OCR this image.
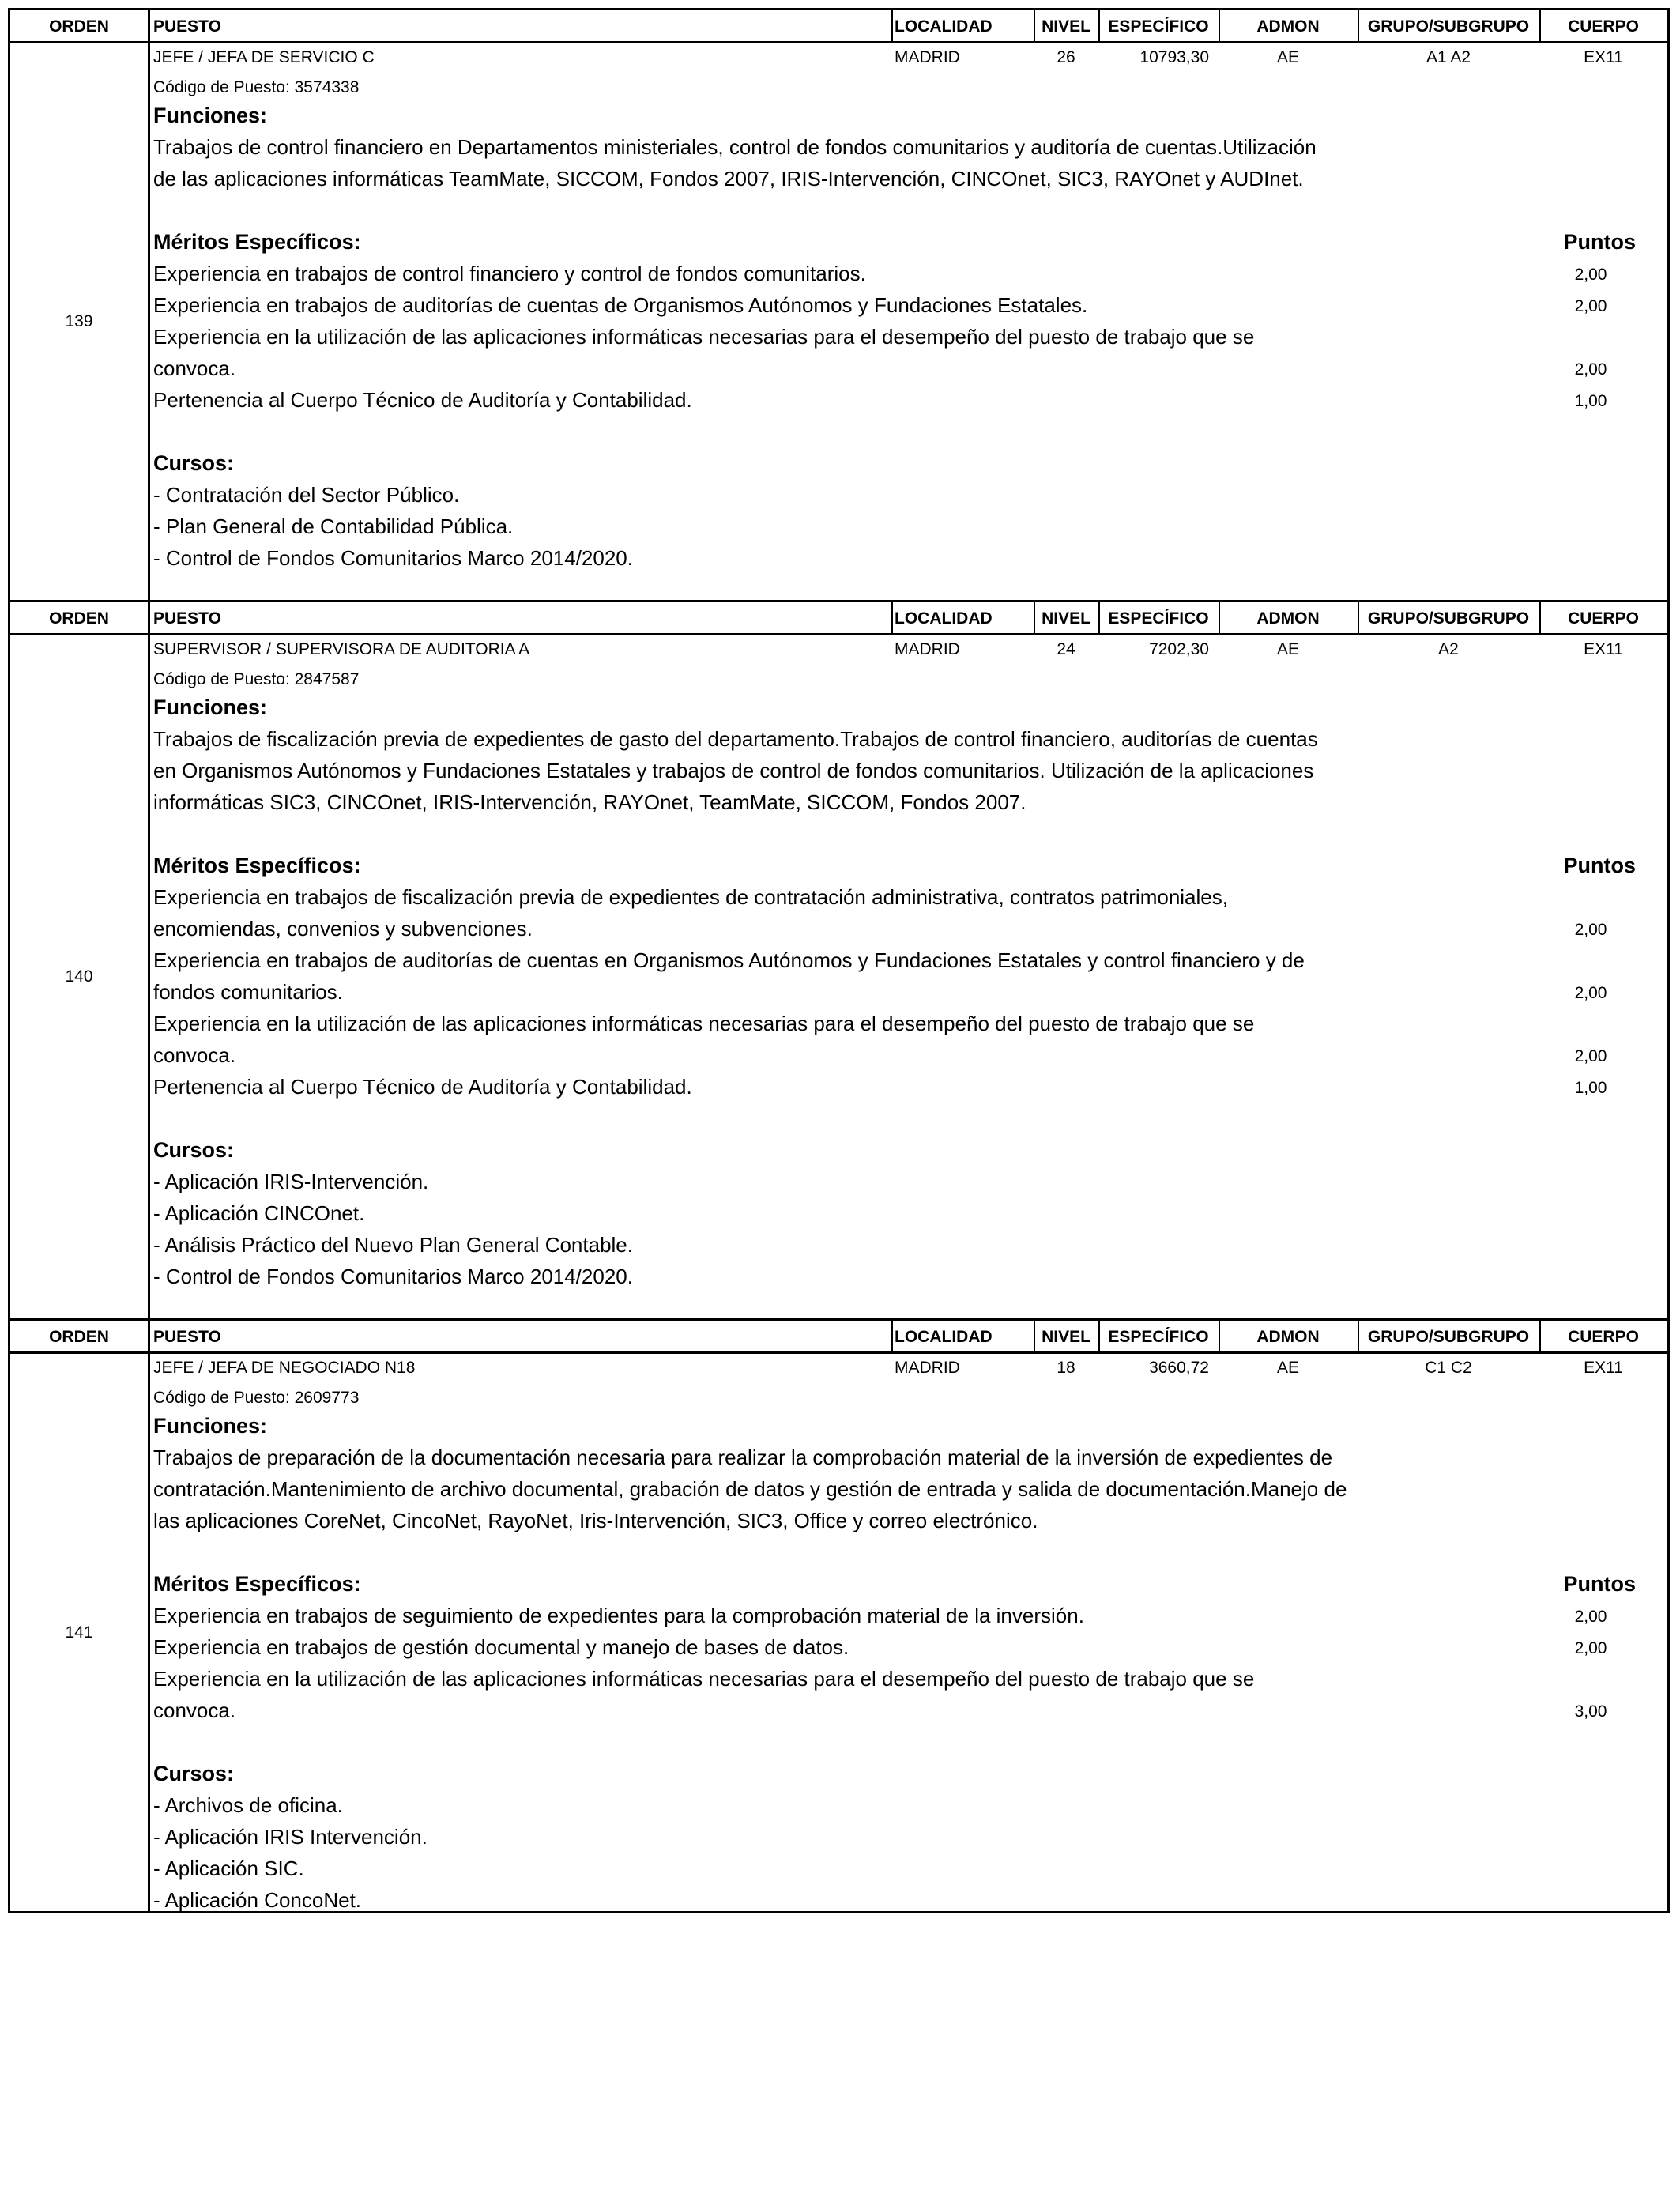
ORDEN	PUESTO	LOCALIDAD	NIVEL	ESPECÍFICO	ADMON	GRUPO/SUBGRUPO	CUERPO
139
JEFE / JEFA DE SERVICIO C	MADRID	26	10793,30	AE	A1 A2	EX11
Código de Puesto: 3574338
Funciones:
Trabajos de control financiero en Departamentos ministeriales, control de fondos comunitarios y auditoría de cuentas.Utilización
de las aplicaciones informáticas TeamMate, SICCOM, Fondos 2007, IRIS-Intervención, CINCOnet, SIC3, RAYOnet y AUDInet.
Méritos Específicos:	Puntos
Experiencia en trabajos de control financiero y control de fondos comunitarios.	2,00
Experiencia en trabajos de auditorías de cuentas de Organismos Autónomos y Fundaciones Estatales.	2,00
Experiencia en la utilización de las aplicaciones informáticas necesarias para el desempeño del puesto de trabajo que se
convoca.	2,00
Pertenencia al Cuerpo Técnico de Auditoría y Contabilidad.	1,00
Cursos:
- Contratación del Sector Público.
- Plan General de Contabilidad Pública.
- Control de Fondos Comunitarios Marco 2014/2020.
ORDEN	PUESTO	LOCALIDAD	NIVEL	ESPECÍFICO	ADMON	GRUPO/SUBGRUPO	CUERPO
140
SUPERVISOR / SUPERVISORA DE AUDITORIA A	MADRID	24	7202,30	AE	A2	EX11
Código de Puesto: 2847587
Funciones:
Trabajos de fiscalización previa de expedientes de gasto del departamento.Trabajos de control financiero, auditorías de cuentas
en Organismos Autónomos y Fundaciones Estatales y trabajos de control de fondos comunitarios. Utilización de la aplicaciones
informáticas SIC3, CINCOnet, IRIS-Intervención, RAYOnet, TeamMate, SICCOM, Fondos 2007.
Méritos Específicos:	Puntos
Experiencia en trabajos de fiscalización previa de expedientes de contratación administrativa, contratos patrimoniales,
encomiendas, convenios y subvenciones.	2,00
Experiencia en trabajos de auditorías de cuentas en Organismos Autónomos y Fundaciones Estatales y control financiero y de
fondos comunitarios.	2,00
Experiencia en la utilización de las aplicaciones informáticas necesarias para el desempeño del puesto de trabajo que se
convoca.	2,00
Pertenencia al Cuerpo Técnico de Auditoría y Contabilidad.	1,00
Cursos:
- Aplicación IRIS-Intervención.
- Aplicación CINCOnet.
- Análisis Práctico del Nuevo Plan General Contable.
- Control de Fondos Comunitarios Marco 2014/2020.
ORDEN	PUESTO	LOCALIDAD	NIVEL	ESPECÍFICO	ADMON	GRUPO/SUBGRUPO	CUERPO
141
JEFE / JEFA DE NEGOCIADO N18	MADRID	18	3660,72	AE	C1 C2	EX11
Código de Puesto: 2609773
Funciones:
Trabajos de preparación de la documentación necesaria para realizar la comprobación material de la inversión de expedientes de
contratación.Mantenimiento de archivo documental, grabación de datos y gestión de entrada y salida de documentación.Manejo de
las aplicaciones CoreNet, CincoNet, RayoNet, Iris-Intervención, SIC3, Office y correo electrónico.
Méritos Específicos:	Puntos
Experiencia en trabajos de seguimiento de expedientes para la comprobación material de la inversión.	2,00
Experiencia en trabajos de gestión documental y manejo de bases de datos.	2,00
Experiencia en la utilización de las aplicaciones informáticas necesarias para el desempeño del puesto de trabajo que se
convoca.	3,00
Cursos:
- Archivos de oficina.
- Aplicación IRIS Intervención.
- Aplicación SIC.
- Aplicación ConcoNet.
